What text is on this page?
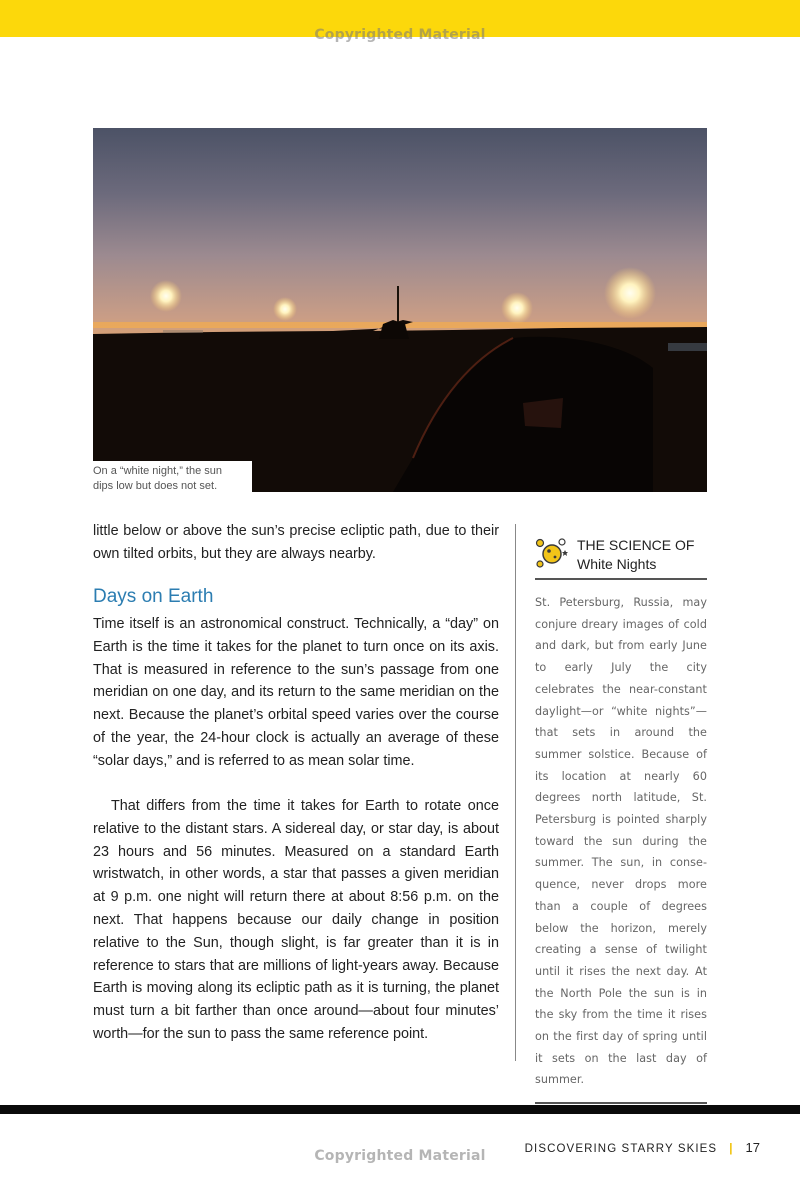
Copyrighted Material
On a “white night,” the sun
dips low but does not set.

little below or above the sun’s precise ecliptic path, due to their own tilted orbits, but they are always nearby.

Days on Earth

Time itself is an astronomical construct. Technically, a “day” on Earth is the time it takes for the planet to turn once on its axis. That is measured in reference to the sun’s passage from one meridian on one day, and its return to the same meridian on the next. Because the planet’s orbital speed varies over the course of the year, the 24-hour clock is actually an average of these “solar days,” and is referred to as mean solar time.

That differs from the time it takes for Earth to rotate once relative to the distant stars. A sidereal day, or star day, is about 23 hours and 56 minutes. Measured on a standard Earth wristwatch, in other words, a star that passes a given meridian at 9 p.m. one night will return there at about 8:56 p.m. on the next. That happens because our daily change in position relative to the Sun, though slight, is far greater than it is in reference to stars that are millions of light-years away. Because Earth is moving along its ecliptic path as it is turning, the planet must turn a bit farther than once around—about four minutes’ worth—for the sun to pass the same reference point.

THE SCIENCE OF
White Nights
St. Petersburg, Russia, may conjure dreary images of cold and dark, but from early June to early July the city celebrates the near-constant daylight—or “white nights”—that sets in around the summer solstice. Because of its location at nearly 60 degrees north latitude, St. Petersburg is pointed sharply toward the sun during the summer. The sun, in consequence, never drops more than a couple of degrees below the horizon, merely creating a sense of twilight until it rises the next day. At the North Pole the sun is in the sky from the time it rises on the first day of spring until it sets on the last day of summer.
DISCOVERING STARRY SKIES | 17
Copyrighted Material
